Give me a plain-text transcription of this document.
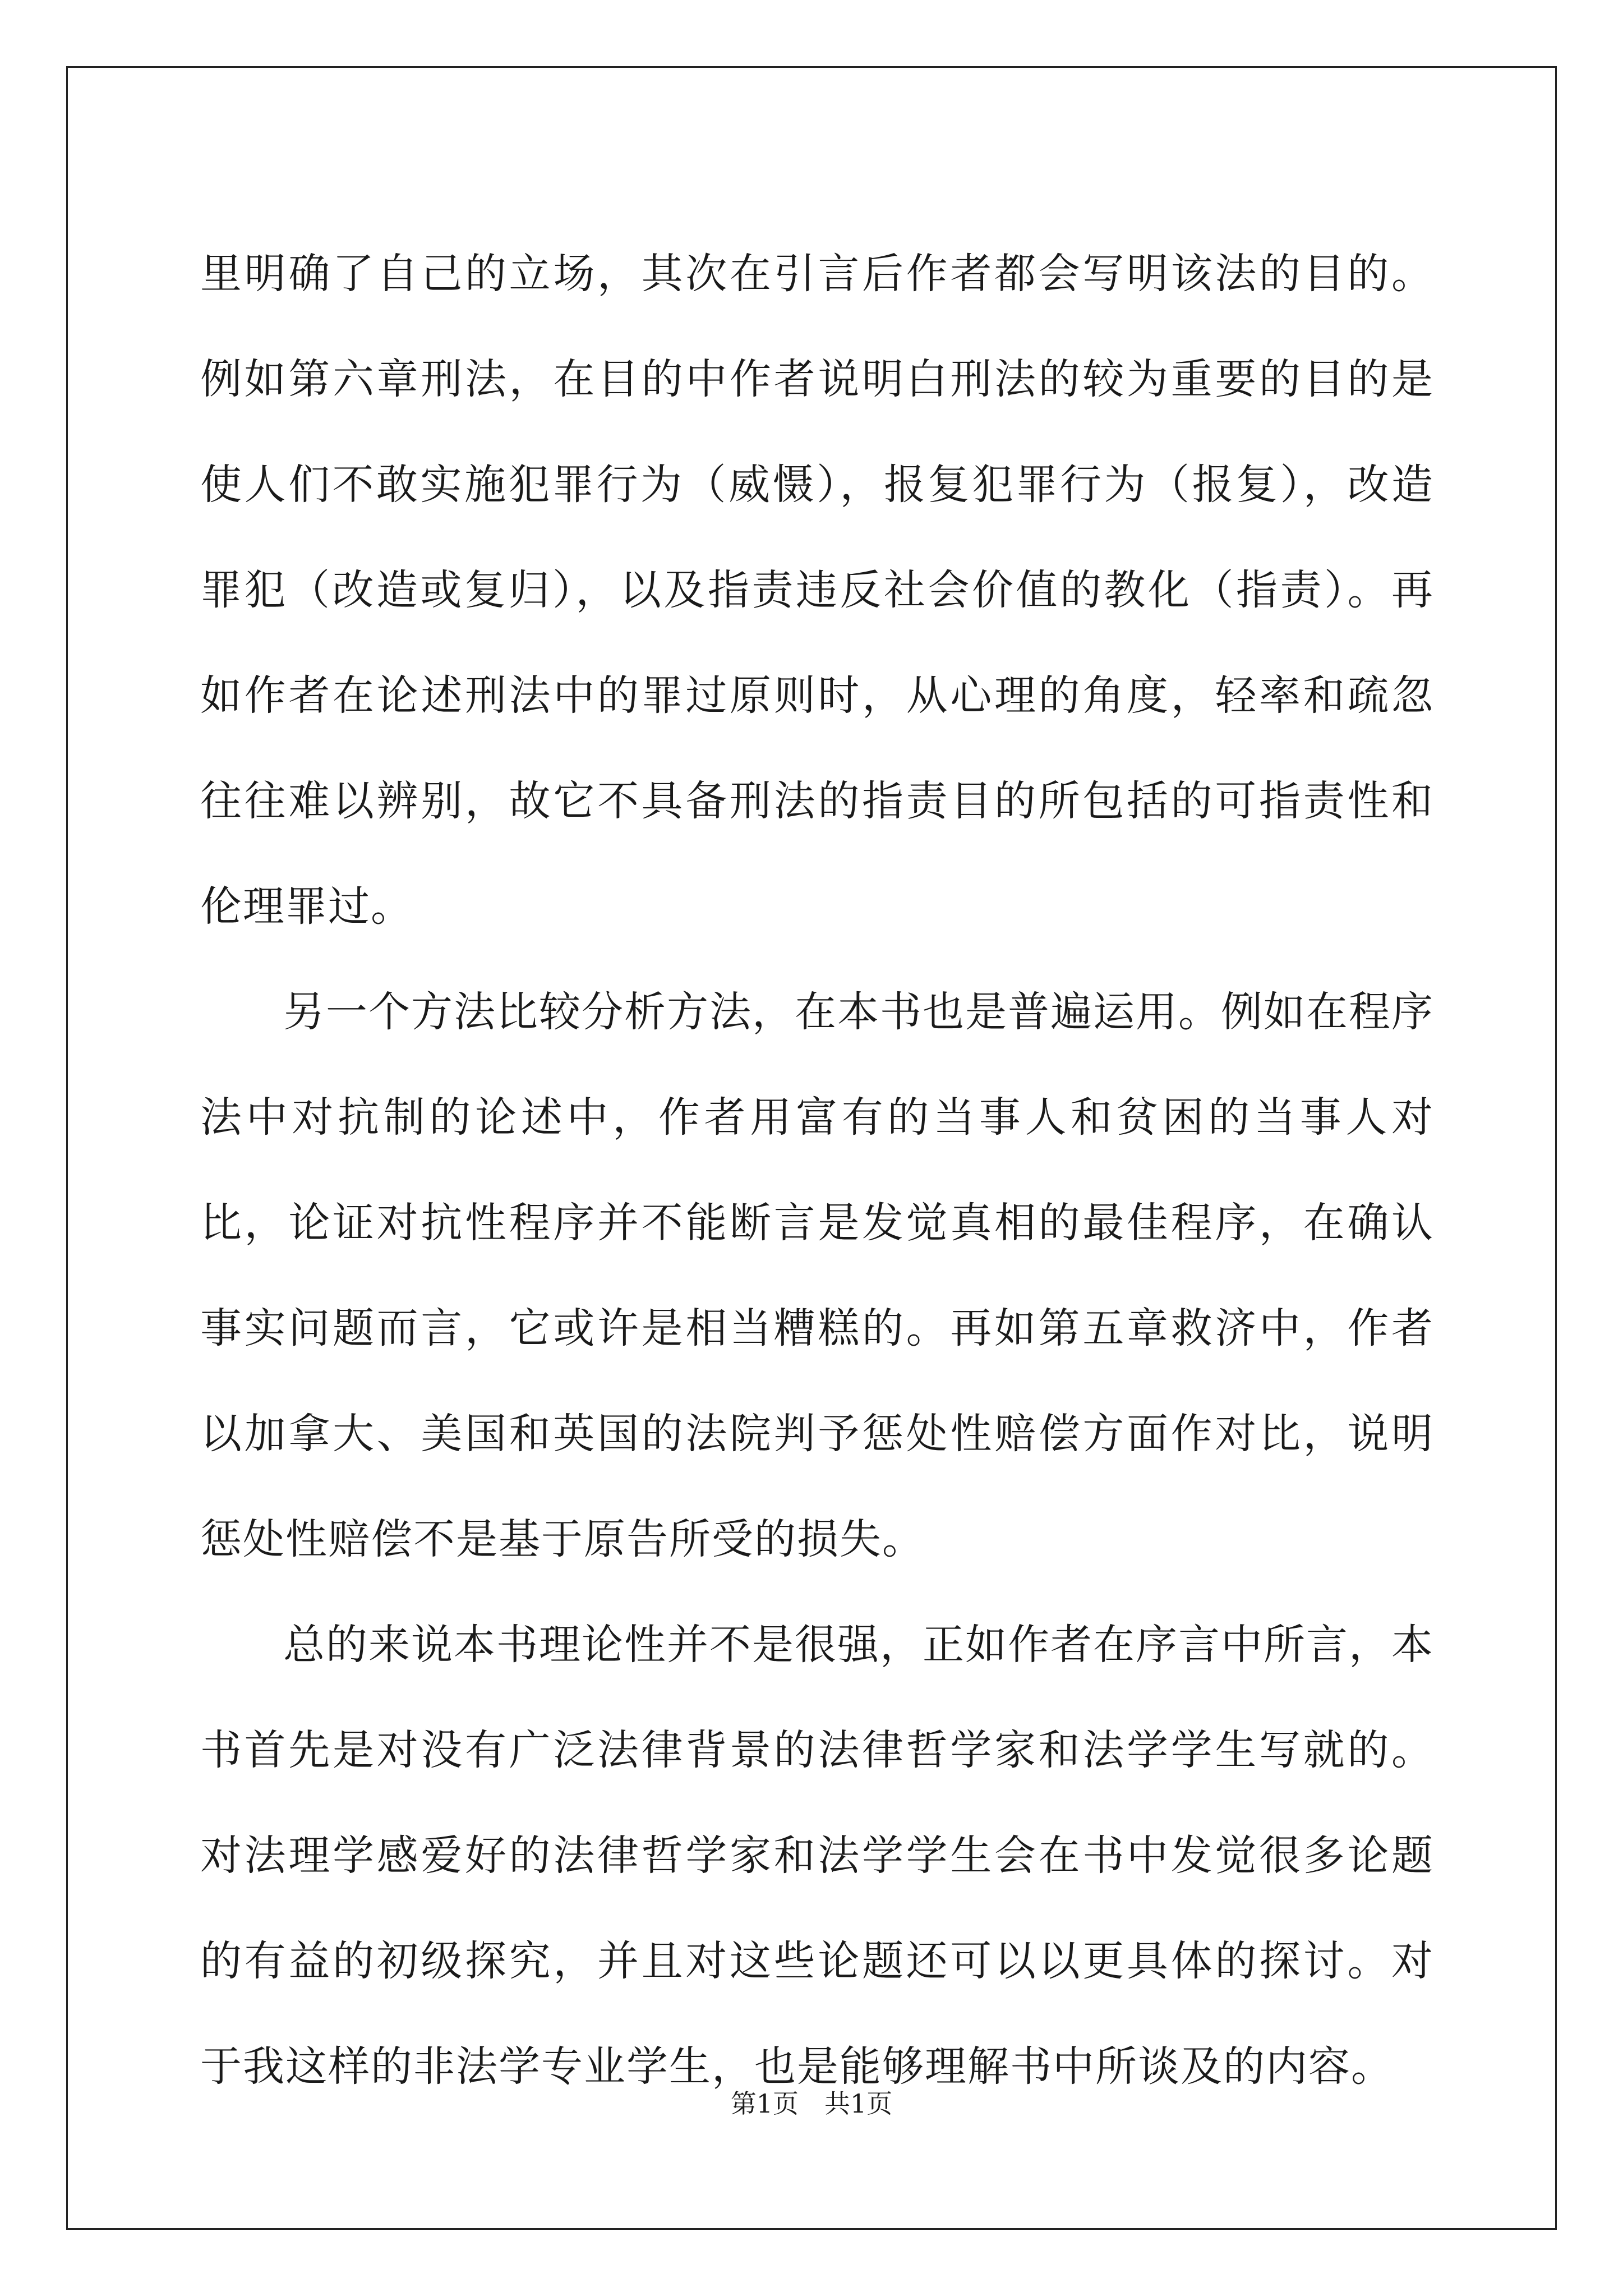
里明确了自己的立场，其次在引言后作者都会写明该法的目的。例如第六章刑法，在目的中作者说明白刑法的较为重要的目的是使人们不敢实施犯罪行为（威慑），报复犯罪行为（报复），改造罪犯（改造或复归），以及指责违反社会价值的教化（指责）。再如作者在论述刑法中的罪过原则时，从心理的角度，轻率和疏忽往往难以辨别，故它不具备刑法的指责目的所包括的可指责性和伦理罪过。

另一个方法比较分析方法，在本书也是普遍运用。例如在程序法中对抗制的论述中，作者用富有的当事人和贫困的当事人对比，论证对抗性程序并不能断言是发觉真相的最佳程序，在确认事实问题而言，它或许是相当糟糕的。再如第五章救济中，作者以加拿大、美国和英国的法院判予惩处性赔偿方面作对比，说明惩处性赔偿不是基于原告所受的损失。

总的来说本书理论性并不是很强，正如作者在序言中所言，本书首先是对没有广泛法律背景的法律哲学家和法学学生写就的。对法理学感爱好的法律哲学家和法学学生会在书中发觉很多论题的有益的初级探究，并且对这些论题还可以以更具体的探讨。对于我这样的非法学专业学生，也是能够理解书中所谈及的内容。

第1页　共1页
